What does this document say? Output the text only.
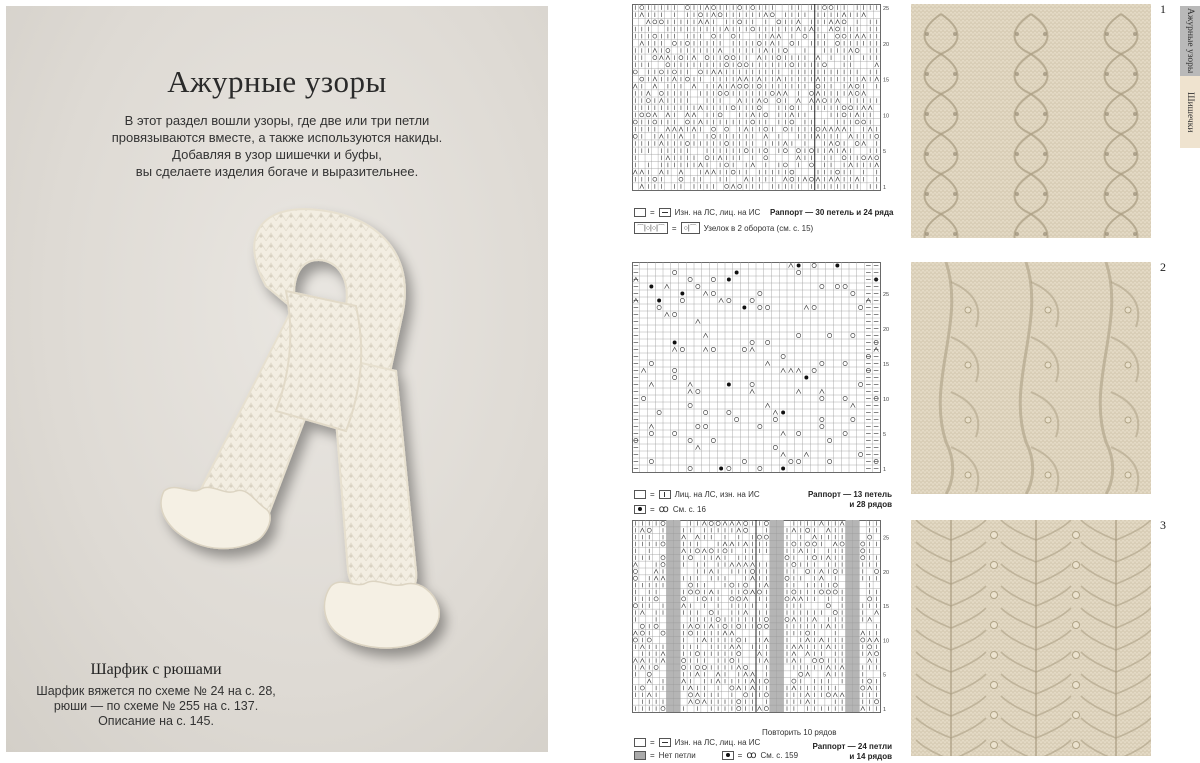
Ажурные узоры
В этот раздел вошли узоры, где две или три петли
провязываются вместе, а также используются накиды.
Добавляя в узор шишечки и буфы,
вы сделаете изделия богаче и выразительнее.
Шарфик с рюшами
Шарфик вяжется по схеме № 24 на с. 28,
рюши — по схеме № 255 на с. 137.
Описание на с. 145.
1
5
10
15
20
25
=	Изн. на ЛС, лиц. на ИС Раппорт — 30 петель и 24 ряда
⌒|○|○|⌒ =	○|⌒ Узелок в 2 оборота (см. с. 15)
1
1
5
10
15
20
25
=	Лиц. на ЛС, изн. на ИС	Раппорт — 13 петель
и 28 рядов
= ꝏ См. с. 16
2
1
5
10
15
20
25
Повторить 10 рядов
=	Изн. на ЛС, лиц. на ИС
= Нет петли	= ꝏ См. с. 159
Раппорт — 24 петли
и 14 рядов
3
Ажурные узоры
Шишечки
